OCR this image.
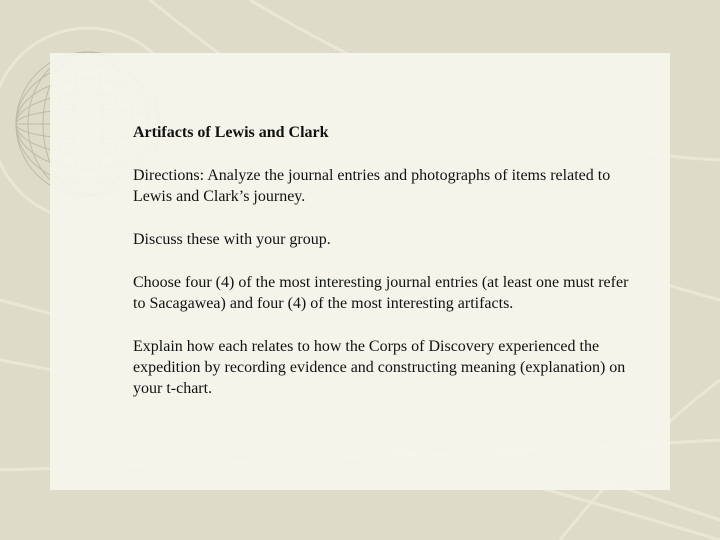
Artifacts of Lewis and Clark
Directions: Analyze the journal entries and photographs of items related to Lewis and Clark’s journey.
Discuss these with your group.
Choose four (4) of the most interesting journal entries (at least one must refer to Sacagawea) and four (4) of the most interesting artifacts.
Explain how each relates to how the Corps of Discovery experienced the expedition by recording evidence and constructing meaning (explanation) on your t-chart.
